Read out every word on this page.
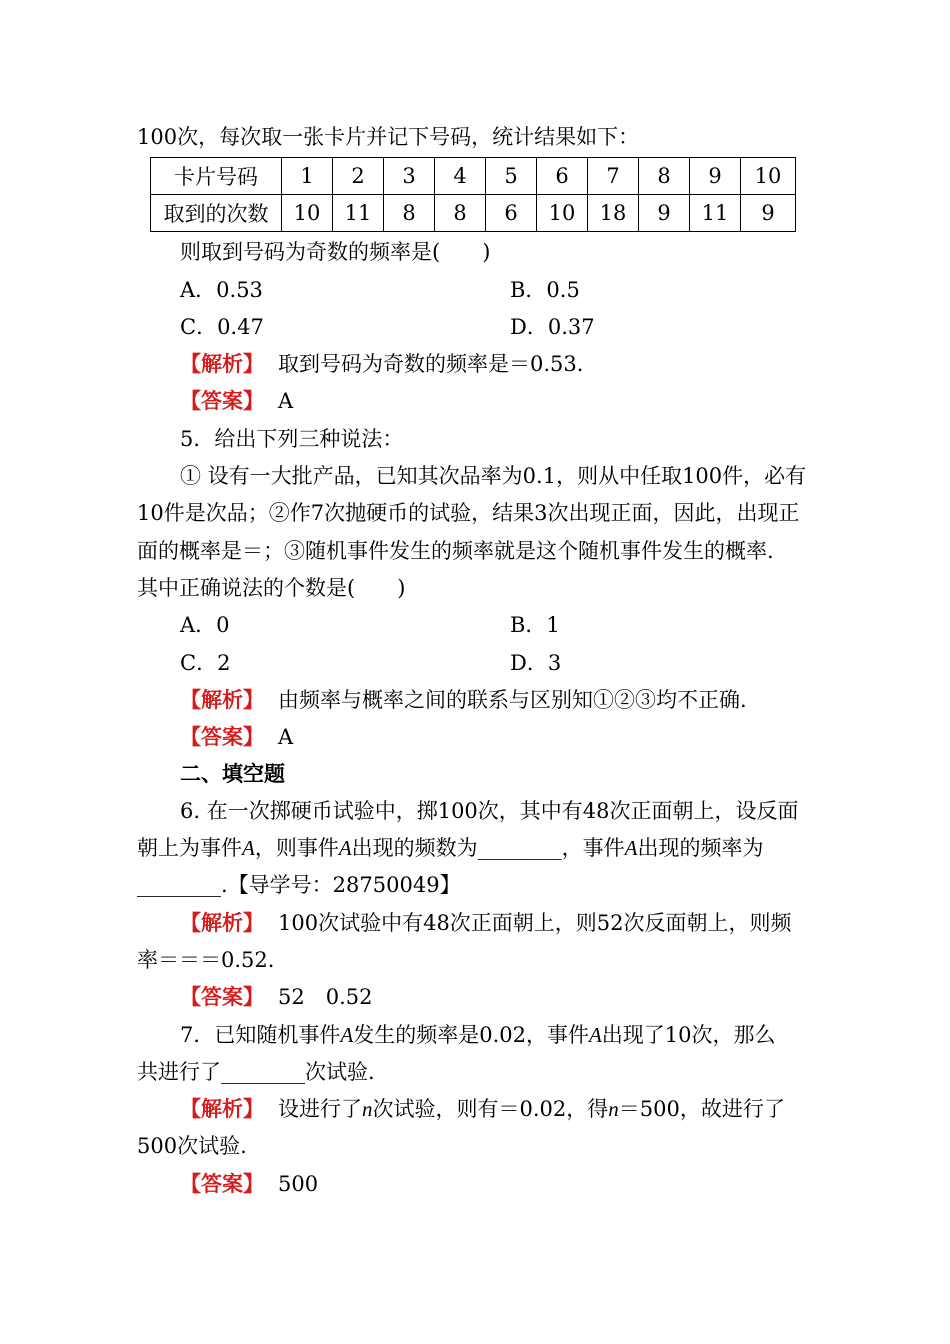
100次，每次取一张卡片并记下号码，统计结果如下：
卡片号码	1	2	3	4	5	6	7	8	9	10
取到的次数	10	11	8	8	6	10	18	9	11	9
则取到号码为奇数的频率是(　　)
A．0.53	B．0.5
C．0.47	D．0.37
【解析】 取到号码为奇数的频率是＝0.53.
【答案】 A
5．给出下列三种说法：
① 设有一大批产品，已知其次品率为0.1，则从中任取100件，必有
10件是次品；②作7次抛硬币的试验，结果3次出现正面，因此，出现正
面的概率是＝；③随机事件发生的频率就是这个随机事件发生的概率.
其中正确说法的个数是(　　)
A．0	B．1
C．2	D．3
【解析】 由频率与概率之间的联系与区别知①②③均不正确.
【答案】 A
二、填空题
6. 在一次掷硬币试验中，掷100次，其中有48次正面朝上，设反面
朝上为事件A，则事件A出现的频数为________，事件A出现的频率为
________.【导学号：28750049】
【解析】 100次试验中有48次正面朝上，则52次反面朝上，则频
率＝＝＝0.52.
【答案】 52　0.52
7．已知随机事件A发生的频率是0.02，事件A出现了10次，那么
共进行了________次试验.
【解析】 设进行了n次试验，则有＝0.02，得n＝500，故进行了
500次试验.
【答案】 500
